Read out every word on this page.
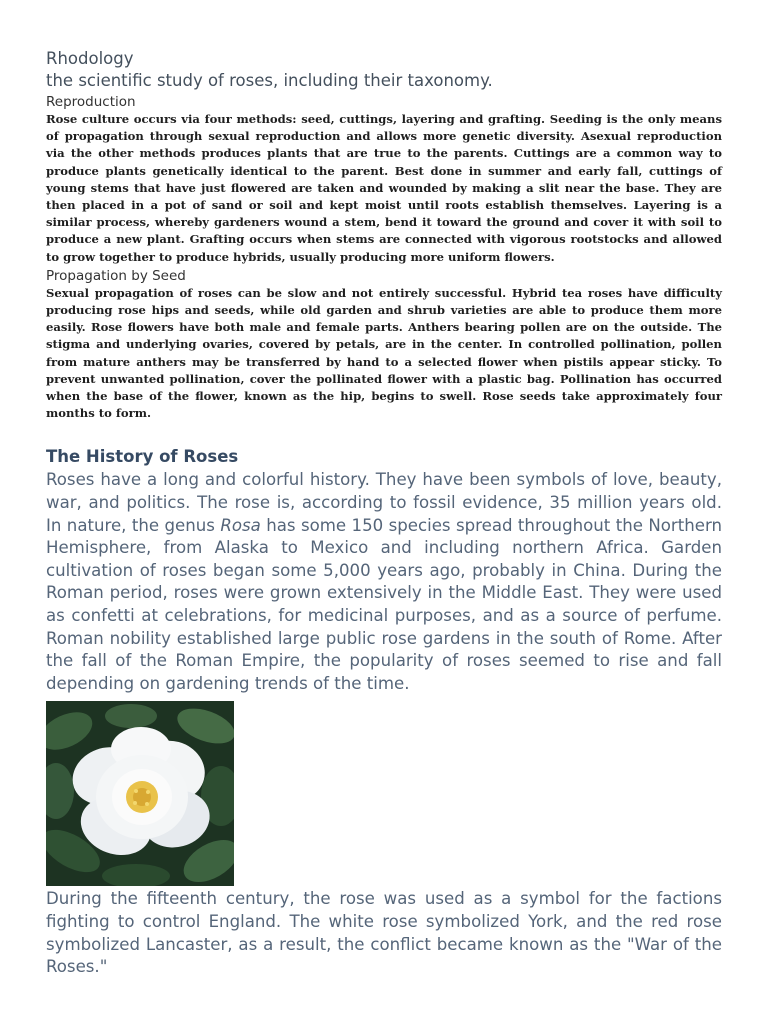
Rhodology

the scientific study of roses, including their taxonomy.

Reproduction

Rose culture occurs via four methods: seed, cuttings, layering and grafting. Seeding is the only means of propagation through sexual reproduction and allows more genetic diversity. Asexual reproduction via the other methods produces plants that are true to the parents. Cuttings are a common way to produce plants genetically identical to the parent. Best done in summer and early fall, cuttings of young stems that have just flowered are taken and wounded by making a slit near the base. They are then placed in a pot of sand or soil and kept moist until roots establish themselves. Layering is a similar process, whereby gardeners wound a stem, bend it toward the ground and cover it with soil to produce a new plant. Grafting occurs when stems are connected with vigorous rootstocks and allowed to grow together to produce hybrids, usually producing more uniform flowers.

Propagation by Seed

Sexual propagation of roses can be slow and not entirely successful. Hybrid tea roses have difficulty producing rose hips and seeds, while old garden and shrub varieties are able to produce them more easily. Rose flowers have both male and female parts. Anthers bearing pollen are on the outside. The stigma and underlying ovaries, covered by petals, are in the center. In controlled pollination, pollen from mature anthers may be transferred by hand to a selected flower when pistils appear sticky. To prevent unwanted pollination, cover the pollinated flower with a plastic bag. Pollination has occurred when the base of the flower, known as the hip, begins to swell. Rose seeds take approximately four months to form.

The History of Roses

Roses have a long and colorful history. They have been symbols of love, beauty, war, and politics. The rose is, according to fossil evidence, 35 million years old. In nature, the genus Rosa has some 150 species spread throughout the Northern Hemisphere, from Alaska to Mexico and including northern Africa. Garden cultivation of roses began some 5,000 years ago, probably in China. During the Roman period, roses were grown extensively in the Middle East. They were used as confetti at celebrations, for medicinal purposes, and as a source of perfume. Roman nobility established large public rose gardens in the south of Rome. After the fall of the Roman Empire, the popularity of roses seemed to rise and fall depending on gardening trends of the time.

During the fifteenth century, the rose was used as a symbol for the factions fighting to control England. The white rose symbolized York, and the red rose symbolized Lancaster, as a result, the conflict became known as the "War of the Roses."
